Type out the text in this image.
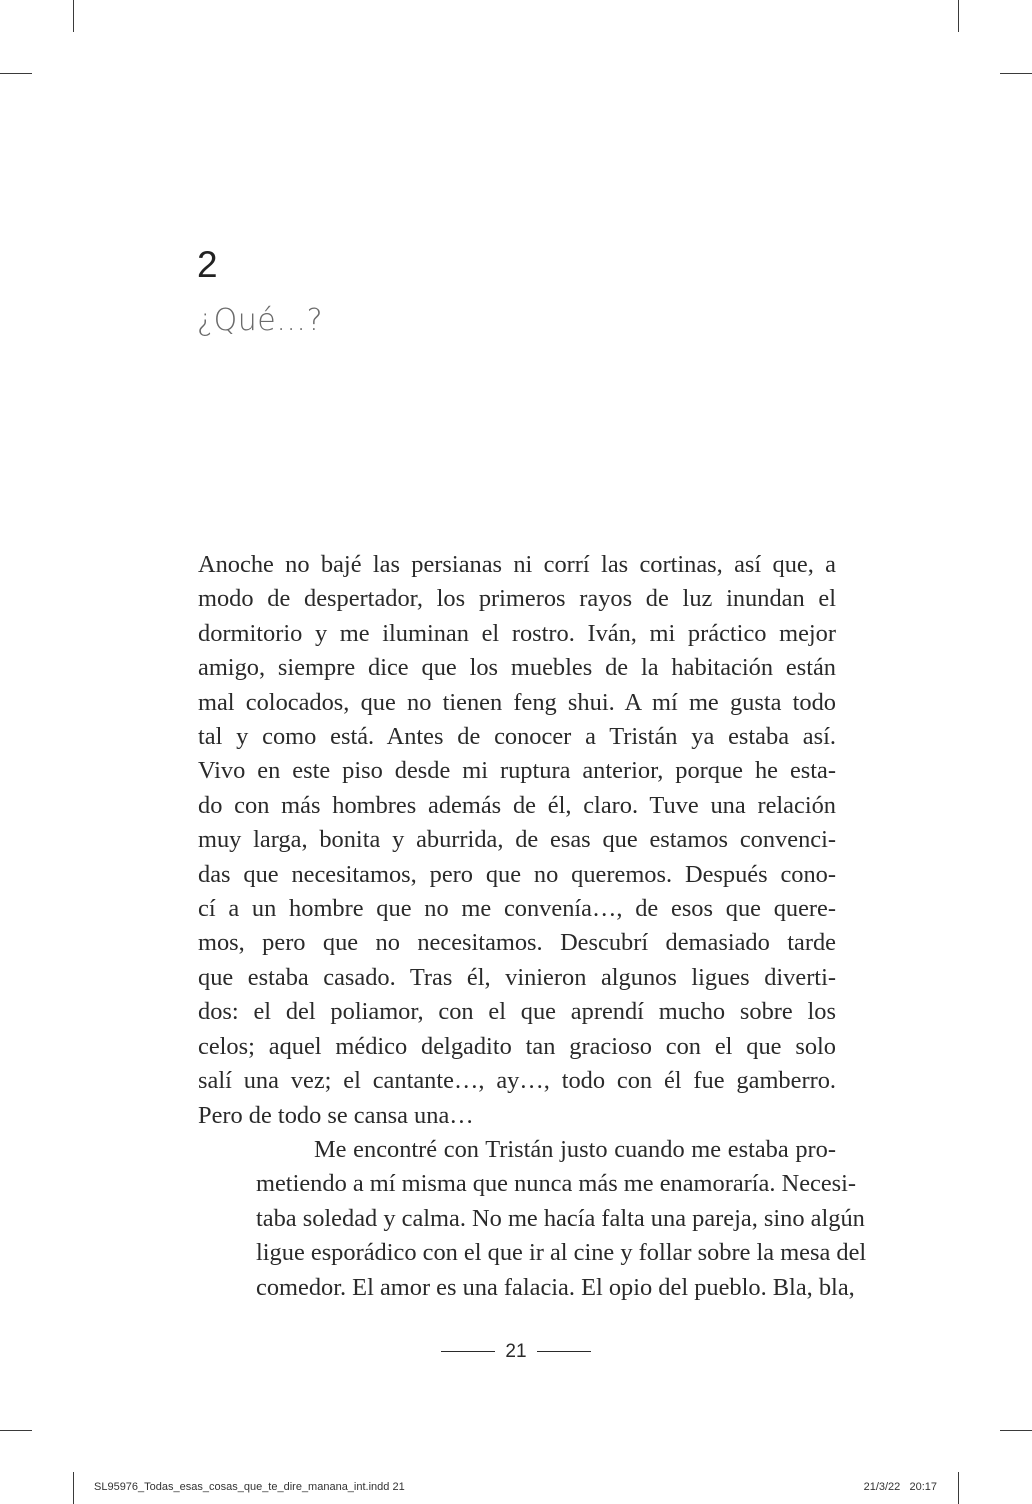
2
¿Qué…?

Anoche no bajé las persianas ni corrí las cortinas, así que, a
modo de despertador, los primeros rayos de luz inundan el
dormitorio y me iluminan el rostro. Iván, mi práctico mejor
amigo, siempre dice que los muebles de la habitación están
mal colocados, que no tienen feng shui. A mí me gusta todo
tal y como está. Antes de conocer a Tristán ya estaba así.
Vivo en este piso desde mi ruptura anterior, porque he esta-
do con más hombres además de él, claro. Tuve una relación
muy larga, bonita y aburrida, de esas que estamos convenci-
das que necesitamos, pero que no queremos. Después cono-
cí a un hombre que no me convenía…, de esos que quere-
mos, pero que no necesitamos. Descubrí demasiado tarde
que estaba casado. Tras él, vinieron algunos ligues diverti-
dos: el del poliamor, con el que aprendí mucho sobre los
celos; aquel médico delgadito tan gracioso con el que solo
salí una vez; el cantante…, ay…, todo con él fue gamberro.
Pero de todo se cansa una…

Me encontré con Tristán justo cuando me estaba pro-
metiendo a mí misma que nunca más me enamoraría. Necesi-
taba soledad y calma. No me hacía falta una pareja, sino algún
ligue esporádico con el que ir al cine y follar sobre la mesa del
comedor. El amor es una falacia. El opio del pueblo. Bla, bla,

21
SL95976_Todas_esas_cosas_que_te_dire_manana_int.indd 21	21/3/22   20:17
